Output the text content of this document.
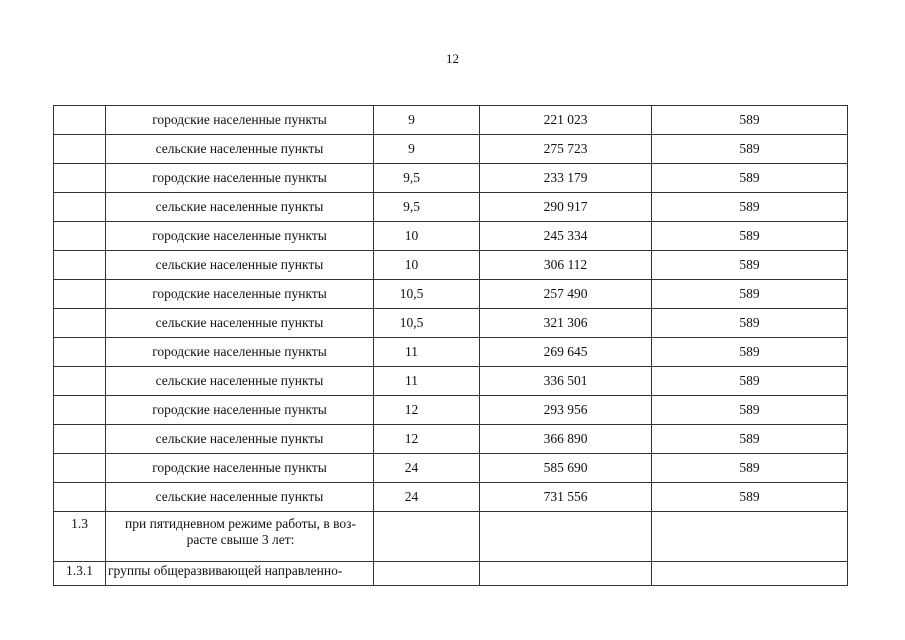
12
	городские населенные пункты	9	221 023	589
	сельские населенные пункты	9	275 723	589
	городские населенные пункты	9,5	233 179	589
	сельские населенные пункты	9,5	290 917	589
	городские населенные пункты	10	245 334	589
	сельские населенные пункты	10	306 112	589
	городские населенные пункты	10,5	257 490	589
	сельские населенные пункты	10,5	321 306	589
	городские населенные пункты	11	269 645	589
	сельские населенные пункты	11	336 501	589
	городские населенные пункты	12	293 956	589
	сельские населенные пункты	12	366 890	589
	городские населенные пункты	24	585 690	589
	сельские населенные пункты	24	731 556	589
1.3	при пятидневном режиме работы, в воз-
расте свыше 3 лет:			

1.3.1	группы общеразвивающей направленно-			
